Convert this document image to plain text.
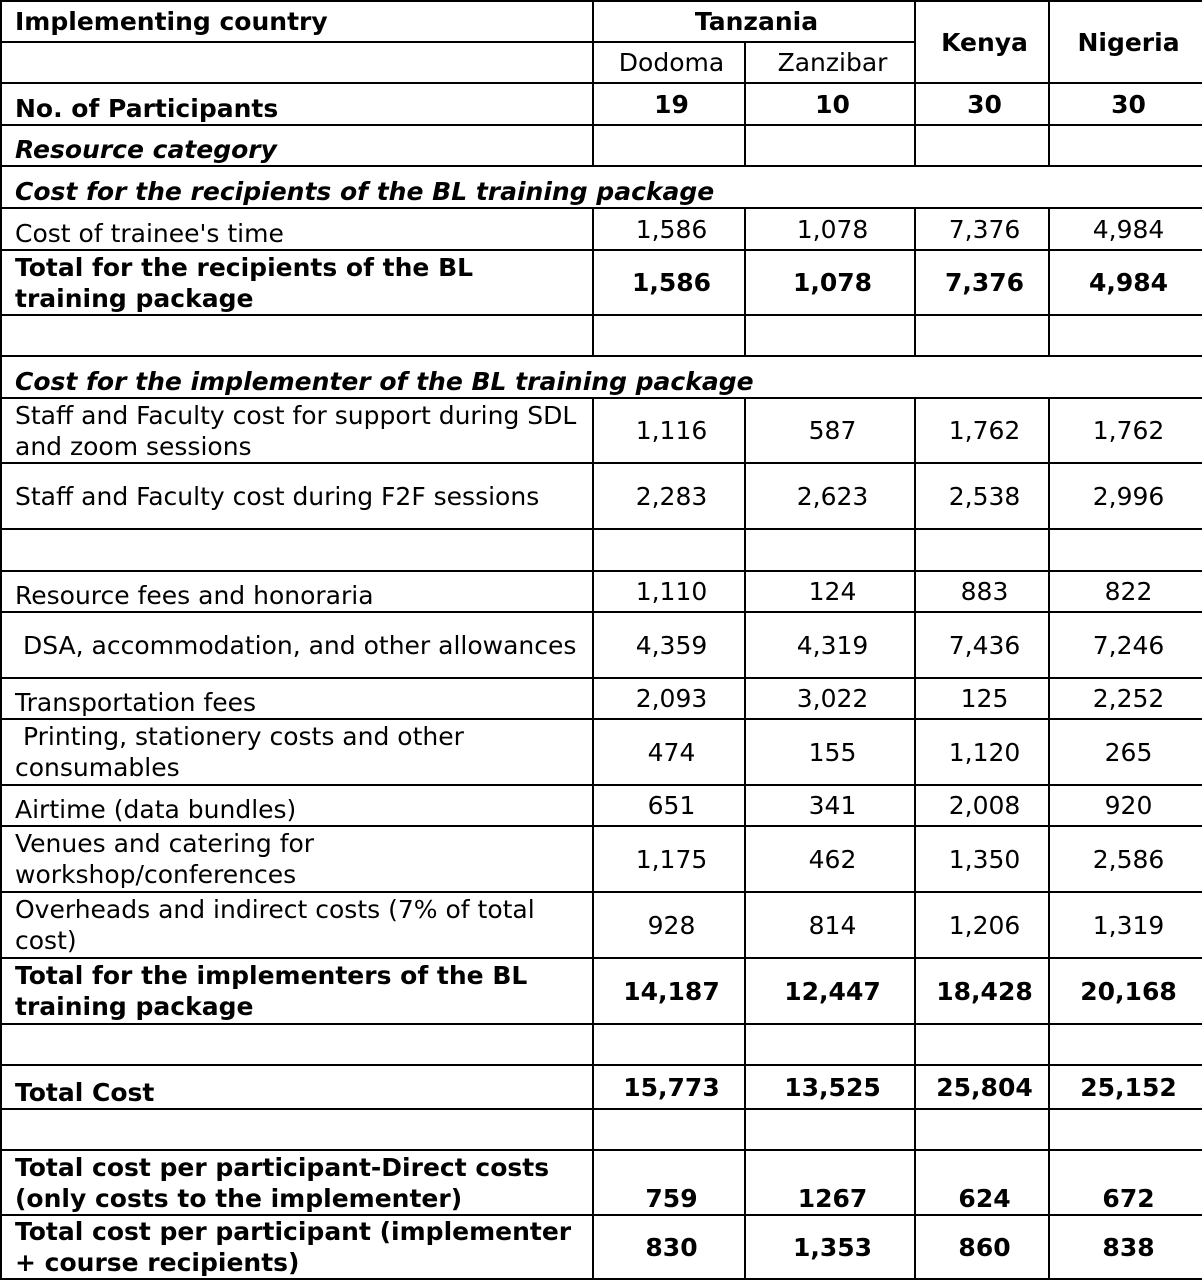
Implementing country	Tanzania		Kenya	Nigeria
	Dodoma	Zanzibar		
No. of Participants	19	10	30	30
Resource category				
Cost for the recipients of the BL training package				
Cost of trainee's time	1,586	1,078	7,376	4,984
Total for the recipients of the BL training package	1,586	1,078	7,376	4,984

Cost for the implementer of the BL training package				
Staff and Faculty cost for support during SDL and zoom sessions	1,116	587	1,762	1,762
Staff and Faculty cost during F2F sessions	2,283	2,623	2,538	2,996

Resource fees and honoraria	1,110	124	883	822
DSA, accommodation, and other allowances	4,359	4,319	7,436	7,246
Transportation fees	2,093	3,022	125	2,252
Printing, stationery costs and other consumables	474	155	1,120	265
Airtime (data bundles)	651	341	2,008	920
Venues and catering for workshop/conferences	1,175	462	1,350	2,586
Overheads and indirect costs (7% of total cost)	928	814	1,206	1,319
Total for the implementers of the BL training package	14,187	12,447	18,428	20,168

Total Cost	15,773	13,525	25,804	25,152

Total cost per participant-Direct costs (only costs to the implementer)	759	1267	624	672
Total cost per participant (implementer + course recipients)	830	1,353	860	838
